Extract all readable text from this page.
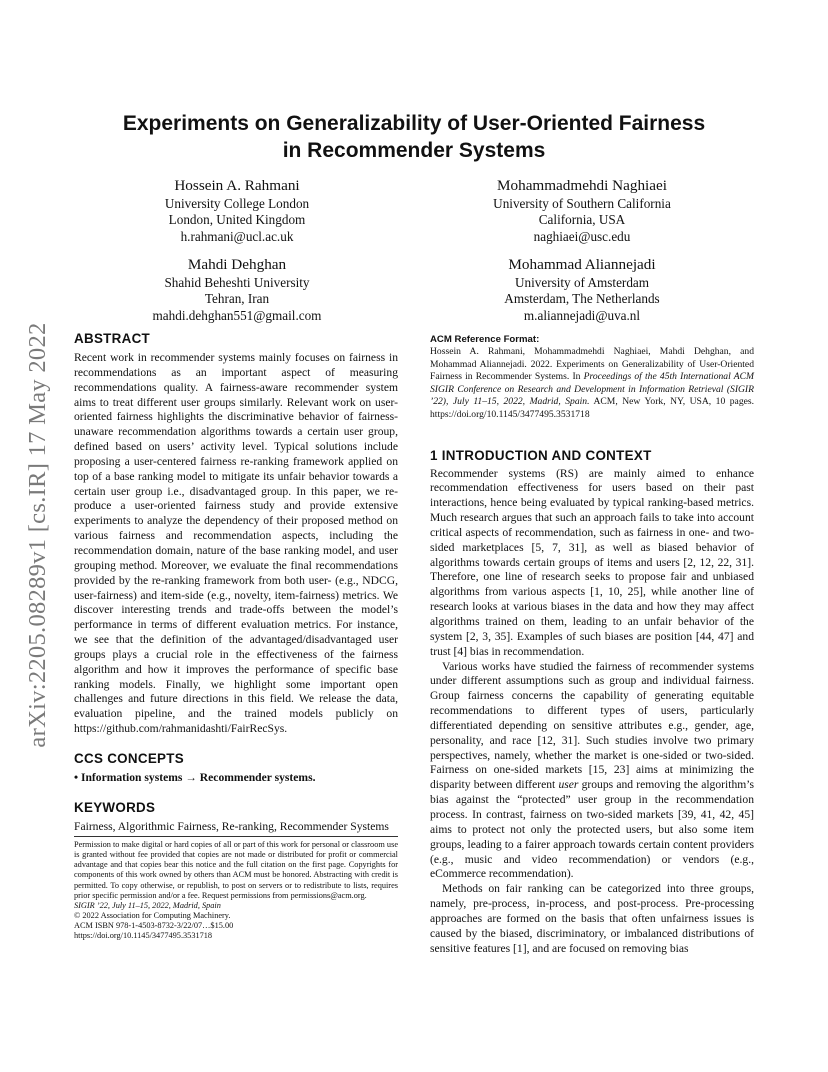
arXiv:2205.08289v1 [cs.IR] 17 May 2022
Experiments on Generalizability of User-Oriented Fairness
in Recommender Systems
Hossein A. Rahmani
University College London
London, United Kingdom
h.rahmani@ucl.ac.uk
Mohammadmehdi Naghiaei
University of Southern California
California, USA
naghiaei@usc.edu
Mahdi Dehghan
Shahid Beheshti University
Tehran, Iran
mahdi.dehghan551@gmail.com
Mohammad Aliannejadi
University of Amsterdam
Amsterdam, The Netherlands
m.aliannejadi@uva.nl
ABSTRACT

Recent work in recommender systems mainly focuses on fairness in recommendations as an important aspect of measuring recommendations quality. A fairness-aware recommender system aims to treat different user groups similarly. Relevant work on user-oriented fairness highlights the discriminative behavior of fairness-unaware recommendation algorithms towards a certain user group, defined based on users’ activity level. Typical solutions include proposing a user-centered fairness re-ranking framework applied on top of a base ranking model to mitigate its unfair behavior towards a certain user group i.e., disadvantaged group. In this paper, we re-produce a user-oriented fairness study and provide extensive experiments to analyze the dependency of their proposed method on various fairness and recommendation aspects, including the recommendation domain, nature of the base ranking model, and user grouping method. Moreover, we evaluate the final recommendations provided by the re-ranking framework from both user- (e.g., NDCG, user-fairness) and item-side (e.g., novelty, item-fairness) metrics. We discover interesting trends and trade-offs between the model’s performance in terms of different evaluation metrics. For instance, we see that the definition of the advantaged/disadvantaged user groups plays a crucial role in the effectiveness of the fairness algorithm and how it improves the performance of specific base ranking models. Finally, we highlight some important open challenges and future directions in this field. We release the data, evaluation pipeline, and the trained models publicly on https://github.com/rahmanidashti/FairRecSys.

CCS CONCEPTS

• Information systems → Recommender systems.

KEYWORDS

Fairness, Algorithmic Fairness, Re-ranking, Recommender Systems

Permission to make digital or hard copies of all or part of this work for personal or classroom use is granted without fee provided that copies are not made or distributed for profit or commercial advantage and that copies bear this notice and the full citation on the first page. Copyrights for components of this work owned by others than ACM must be honored. Abstracting with credit is permitted. To copy otherwise, or republish, to post on servers or to redistribute to lists, requires prior specific permission and/or a fee. Request permissions from permissions@acm.org.
SIGIR ’22, July 11–15, 2022, Madrid, Spain
© 2022 Association for Computing Machinery.
ACM ISBN 978-1-4503-8732-3/22/07…$15.00
https://doi.org/10.1145/3477495.3531718
ACM Reference Format:

Hossein A. Rahmani, Mohammadmehdi Naghiaei, Mahdi Dehghan, and Mohammad Aliannejadi. 2022. Experiments on Generalizability of User-Oriented Fairness in Recommender Systems. In Proceedings of the 45th International ACM SIGIR Conference on Research and Development in Information Retrieval (SIGIR ’22), July 11–15, 2022, Madrid, Spain. ACM, New York, NY, USA, 10 pages. https://doi.org/10.1145/3477495.3531718

1 INTRODUCTION AND CONTEXT

Recommender systems (RS) are mainly aimed to enhance recommendation effectiveness for users based on their past interactions, hence being evaluated by typical ranking-based metrics. Much research argues that such an approach fails to take into account critical aspects of recommendation, such as fairness in one- and two-sided marketplaces [5, 7, 31], as well as biased behavior of algorithms towards certain groups of items and users [2, 12, 22, 31]. Therefore, one line of research seeks to propose fair and unbiased algorithms from various aspects [1, 10, 25], while another line of research looks at various biases in the data and how they may affect algorithms trained on them, leading to an unfair behavior of the system [2, 3, 35]. Examples of such biases are position [44, 47] and trust [4] bias in recommendation.

Various works have studied the fairness of recommender systems under different assumptions such as group and individual fairness. Group fairness concerns the capability of generating equitable recommendations to different types of users, particularly differentiated depending on sensitive attributes e.g., gender, age, personality, and race [12, 31]. Such studies involve two primary perspectives, namely, whether the market is one-sided or two-sided. Fairness on one-sided markets [15, 23] aims at minimizing the disparity between different user groups and removing the algorithm’s bias against the “protected” user group in the recommendation process. In contrast, fairness on two-sided markets [39, 41, 42, 45] aims to protect not only the protected users, but also some item groups, leading to a fairer approach towards certain content providers (e.g., music and video recommendation) or vendors (e.g., eCommerce recommendation).

Methods on fair ranking can be categorized into three groups, namely, pre-process, in-process, and post-process. Pre-processing approaches are formed on the basis that often unfairness issues is caused by the biased, discriminatory, or imbalanced distributions of sensitive features [1], and are focused on removing bias
